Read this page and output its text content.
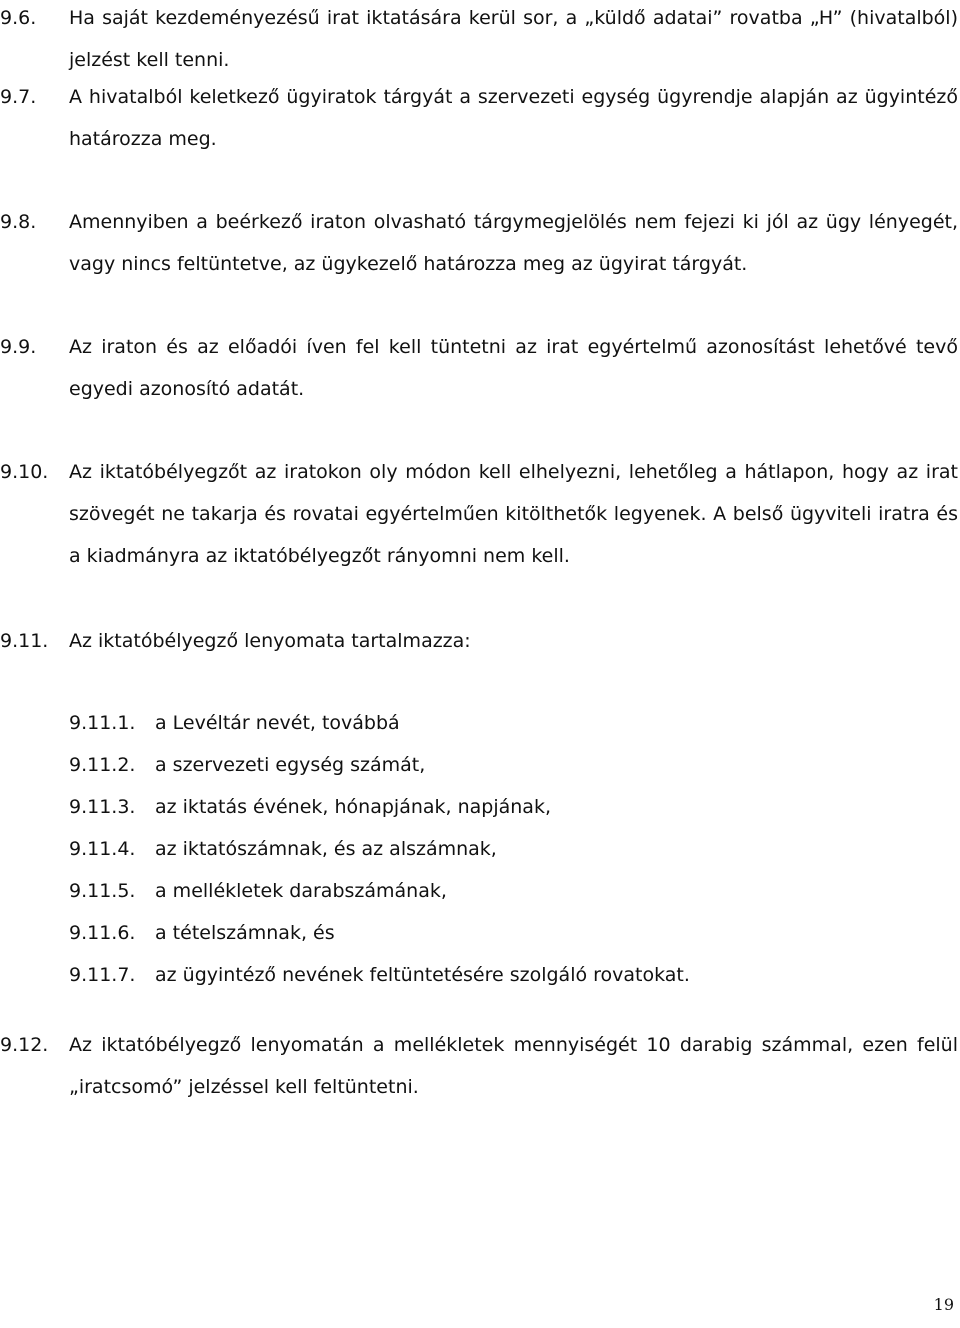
9.6. Ha saját kezdeményezésű irat iktatására kerül sor, a „küldő adatai” rovatba „H” (hivatalból) jelzést kell tenni.
9.7. A hivatalból keletkező ügyiratok tárgyát a szervezeti egység ügyrendje alapján az ügyintéző határozza meg.
9.8. Amennyiben a beérkező iraton olvasható tárgymegjelölés nem fejezi ki jól az ügy lényegét, vagy nincs feltüntetve, az ügykezelő határozza meg az ügyirat tárgyát.
9.9. Az iraton és az előadói íven fel kell tüntetni az irat egyértelmű azonosítást lehetővé tevő egyedi azonosító adatát.
9.10. Az iktatóbélyegzőt az iratokon oly módon kell elhelyezni, lehetőleg a hátlapon, hogy az irat szövegét ne takarja és rovatai egyértelműen kitölthetők legyenek. A belső ügyviteli iratra és a kiadmányra az iktatóbélyegzőt rányomni nem kell.
9.11. Az iktatóbélyegző lenyomata tartalmazza:
9.11.1. a Levéltár nevét, továbbá
9.11.2. a szervezeti egység számát,
9.11.3. az iktatás évének, hónapjának, napjának,
9.11.4. az iktatószámnak, és az alszámnak,
9.11.5. a mellékletek darabszámának,
9.11.6. a tételszámnak, és
9.11.7. az ügyintéző nevének feltüntetésére szolgáló rovatokat.
9.12. Az iktatóbélyegző lenyomatán a mellékletek mennyiségét 10 darabig számmal, ezen felül „iratcsomó” jelzéssel kell feltüntetni.
19
